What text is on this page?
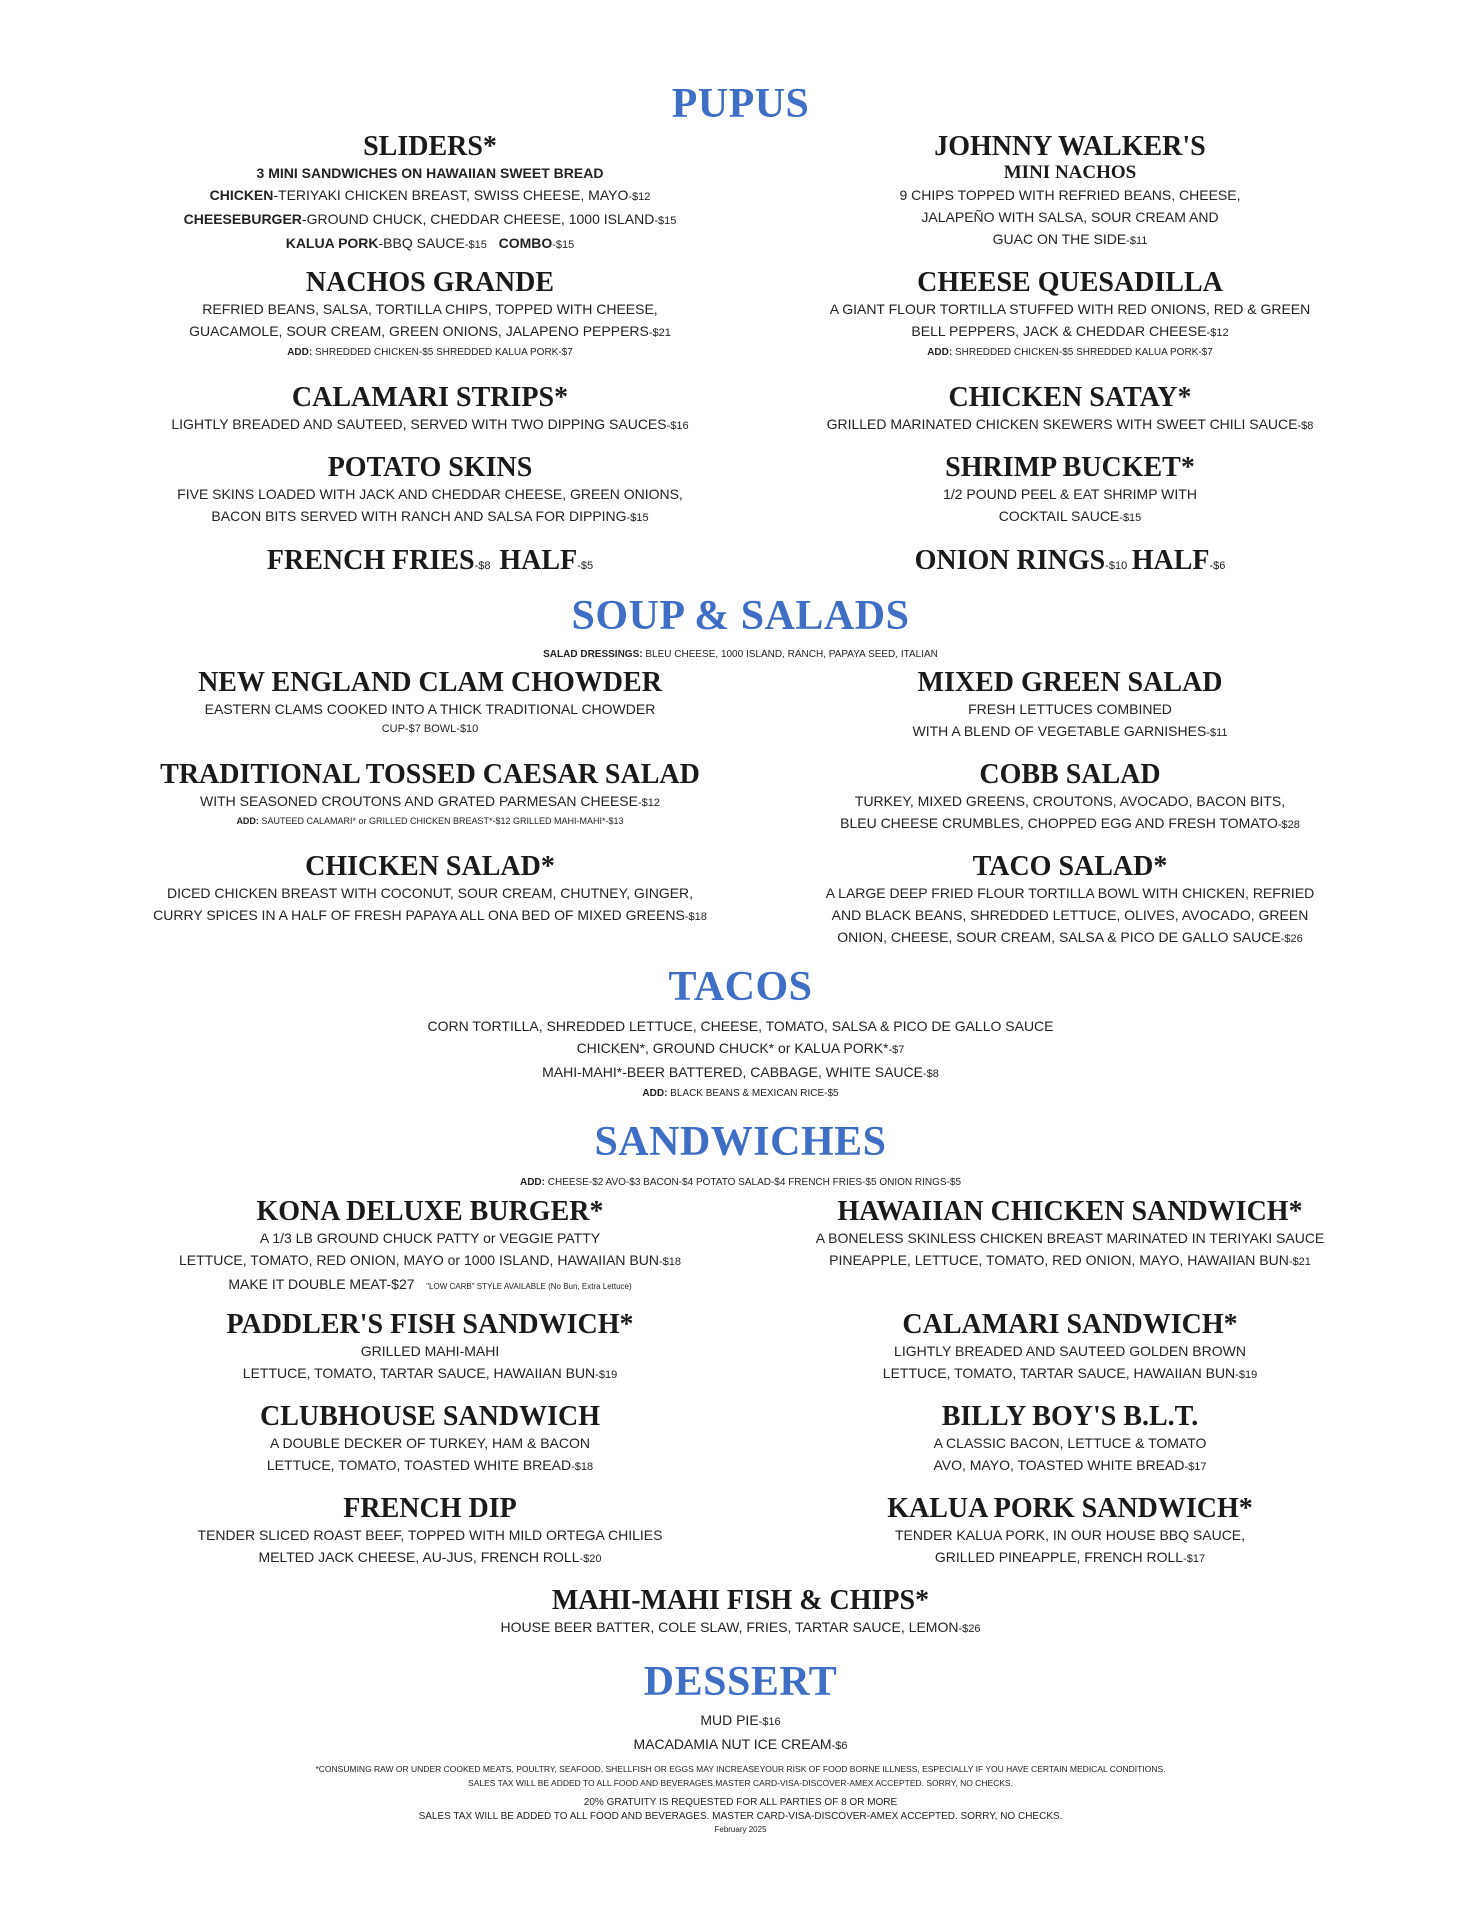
PUPUS
SLIDERS*
3 MINI SANDWICHES ON HAWAIIAN SWEET BREAD
CHICKEN-TERIYAKI CHICKEN BREAST, SWISS CHEESE, MAYO-$12
CHEESEBURGER-GROUND CHUCK, CHEDDAR CHEESE, 1000 ISLAND-$15
KALUA PORK-BBQ SAUCE-$15 COMBO-$15
JOHNNY WALKER'S
MINI NACHOS
9 CHIPS TOPPED WITH REFRIED BEANS, CHEESE,
JALAPEÑO WITH SALSA, SOUR CREAM AND
GUAC ON THE SIDE-$11
NACHOS GRANDE
REFRIED BEANS, SALSA, TORTILLA CHIPS, TOPPED WITH CHEESE,
GUACAMOLE, SOUR CREAM, GREEN ONIONS, JALAPENO PEPPERS-$21
ADD: SHREDDED CHICKEN-$5 SHREDDED KALUA PORK-$7
CHEESE QUESADILLA
A GIANT FLOUR TORTILLA STUFFED WITH RED ONIONS, RED & GREEN
BELL PEPPERS, JACK & CHEDDAR CHEESE-$12
ADD: SHREDDED CHICKEN-$5 SHREDDED KALUA PORK-$7
CALAMARI STRIPS*
LIGHTLY BREADED AND SAUTEED, SERVED WITH TWO DIPPING SAUCES-$16
CHICKEN SATAY*
GRILLED MARINATED CHICKEN SKEWERS WITH SWEET CHILI SAUCE-$8
POTATO SKINS
FIVE SKINS LOADED WITH JACK AND CHEDDAR CHEESE, GREEN ONIONS,
BACON BITS SERVED WITH RANCH AND SALSA FOR DIPPING-$15
SHRIMP BUCKET*
1/2 POUND PEEL & EAT SHRIMP WITH
COCKTAIL SAUCE-$15
FRENCH FRIES-$8 HALF-$5	ONION RINGS-$10 HALF-$6
SOUP & SALADS
SALAD DRESSINGS: BLEU CHEESE, 1000 ISLAND, RANCH, PAPAYA SEED, ITALIAN
NEW ENGLAND CLAM CHOWDER
EASTERN CLAMS COOKED INTO A THICK TRADITIONAL CHOWDER
CUP-$7 BOWL-$10
MIXED GREEN SALAD
FRESH LETTUCES COMBINED
WITH A BLEND OF VEGETABLE GARNISHES-$11
TRADITIONAL TOSSED CAESAR SALAD
WITH SEASONED CROUTONS AND GRATED PARMESAN CHEESE-$12
ADD: SAUTEED CALAMARI* or GRILLED CHICKEN BREAST*-$12 GRILLED MAHI-MAHI*-$13
COBB SALAD
TURKEY, MIXED GREENS, CROUTONS, AVOCADO, BACON BITS,
BLEU CHEESE CRUMBLES, CHOPPED EGG AND FRESH TOMATO-$28
CHICKEN SALAD*
DICED CHICKEN BREAST WITH COCONUT, SOUR CREAM, CHUTNEY, GINGER,
CURRY SPICES IN A HALF OF FRESH PAPAYA ALL ONA BED OF MIXED GREENS-$18
TACO SALAD*
A LARGE DEEP FRIED FLOUR TORTILLA BOWL WITH CHICKEN, REFRIED
AND BLACK BEANS, SHREDDED LETTUCE, OLIVES, AVOCADO, GREEN
ONION, CHEESE, SOUR CREAM, SALSA & PICO DE GALLO SAUCE-$26
TACOS
CORN TORTILLA, SHREDDED LETTUCE, CHEESE, TOMATO, SALSA & PICO DE GALLO SAUCE
CHICKEN*, GROUND CHUCK* or KALUA PORK*-$7
MAHI-MAHI*-BEER BATTERED, CABBAGE, WHITE SAUCE-$8
ADD: BLACK BEANS & MEXICAN RICE-$5
SANDWICHES
ADD: CHEESE-$2 AVO-$3 BACON-$4 POTATO SALAD-$4 FRENCH FRIES-$5 ONION RINGS-$5
KONA DELUXE BURGER*
A 1/3 LB GROUND CHUCK PATTY or VEGGIE PATTY
LETTUCE, TOMATO, RED ONION, MAYO or 1000 ISLAND, HAWAIIAN BUN-$18
MAKE IT DOUBLE MEAT-$27 "LOW CARB" STYLE AVAILABLE (No Bun, Extra Lettuce)
HAWAIIAN CHICKEN SANDWICH*
A BONELESS SKINLESS CHICKEN BREAST MARINATED IN TERIYAKI SAUCE
PINEAPPLE, LETTUCE, TOMATO, RED ONION, MAYO, HAWAIIAN BUN-$21
PADDLER'S FISH SANDWICH*
GRILLED MAHI-MAHI
LETTUCE, TOMATO, TARTAR SAUCE, HAWAIIAN BUN-$19
CALAMARI SANDWICH*
LIGHTLY BREADED AND SAUTEED GOLDEN BROWN
LETTUCE, TOMATO, TARTAR SAUCE, HAWAIIAN BUN-$19
CLUBHOUSE SANDWICH
A DOUBLE DECKER OF TURKEY, HAM & BACON
LETTUCE, TOMATO, TOASTED WHITE BREAD-$18
BILLY BOY'S B.L.T.
A CLASSIC BACON, LETTUCE & TOMATO
AVO, MAYO, TOASTED WHITE BREAD-$17
FRENCH DIP
TENDER SLICED ROAST BEEF, TOPPED WITH MILD ORTEGA CHILIES
MELTED JACK CHEESE, AU-JUS, FRENCH ROLL-$20
KALUA PORK SANDWICH*
TENDER KALUA PORK, IN OUR HOUSE BBQ SAUCE,
GRILLED PINEAPPLE, FRENCH ROLL-$17
MAHI-MAHI FISH & CHIPS*
HOUSE BEER BATTER, COLE SLAW, FRIES, TARTAR SAUCE, LEMON-$26
DESSERT
MUD PIE-$16
MACADAMIA NUT ICE CREAM-$6
*CONSUMING RAW OR UNDER COOKED MEATS, POULTRY, SEAFOOD, SHELLFISH OR EGGS MAY INCREASEYOUR RISK OF FOOD BORNE ILLNESS, ESPECIALLY IF YOU HAVE CERTAIN MEDICAL CONDITIONS.
SALES TAX WILL BE ADDED TO ALL FOOD AND BEVERAGES.MASTER CARD-VISA-DISCOVER-AMEX ACCEPTED. SORRY, NO CHECKS.
20% GRATUITY IS REQUESTED FOR ALL PARTIES OF 8 OR MORE
SALES TAX WILL BE ADDED TO ALL FOOD AND BEVERAGES. MASTER CARD-VISA-DISCOVER-AMEX ACCEPTED. SORRY, NO CHECKS.
February 2025
